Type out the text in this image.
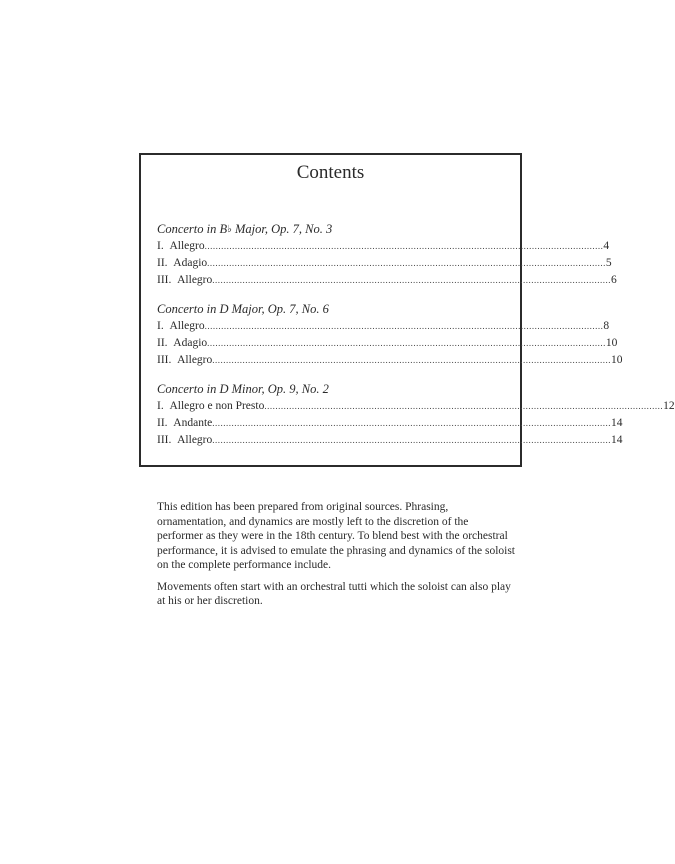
Contents
Concerto in B♭ Major, Op. 7, No. 3
I.
Allegro ................................................................................................................................................. 4
II.
Adagio ................................................................................................................................................. 5
III.
Allegro ................................................................................................................................................. 6
Concerto in D Major, Op. 7, No. 6
I.
Allegro ................................................................................................................................................. 8
II.
Adagio ................................................................................................................................................. 10
III.
Allegro ................................................................................................................................................. 10
Concerto in D Minor, Op. 9, No. 2
I.
Allegro e non Presto ................................................................................................................................................. 12
II.
Andante ................................................................................................................................................. 14
III.
Allegro ................................................................................................................................................. 14

This edition has been prepared from original sources. Phrasing, ornamentation, and dynamics are mostly left to the discretion of the performer as they were in the 18th century. To blend best with the orchestral performance, it is advised to emulate the phrasing and dynamics of the soloist on the complete performance include.

Movements often start with an orchestral tutti which the soloist can also play at his or her discretion.
